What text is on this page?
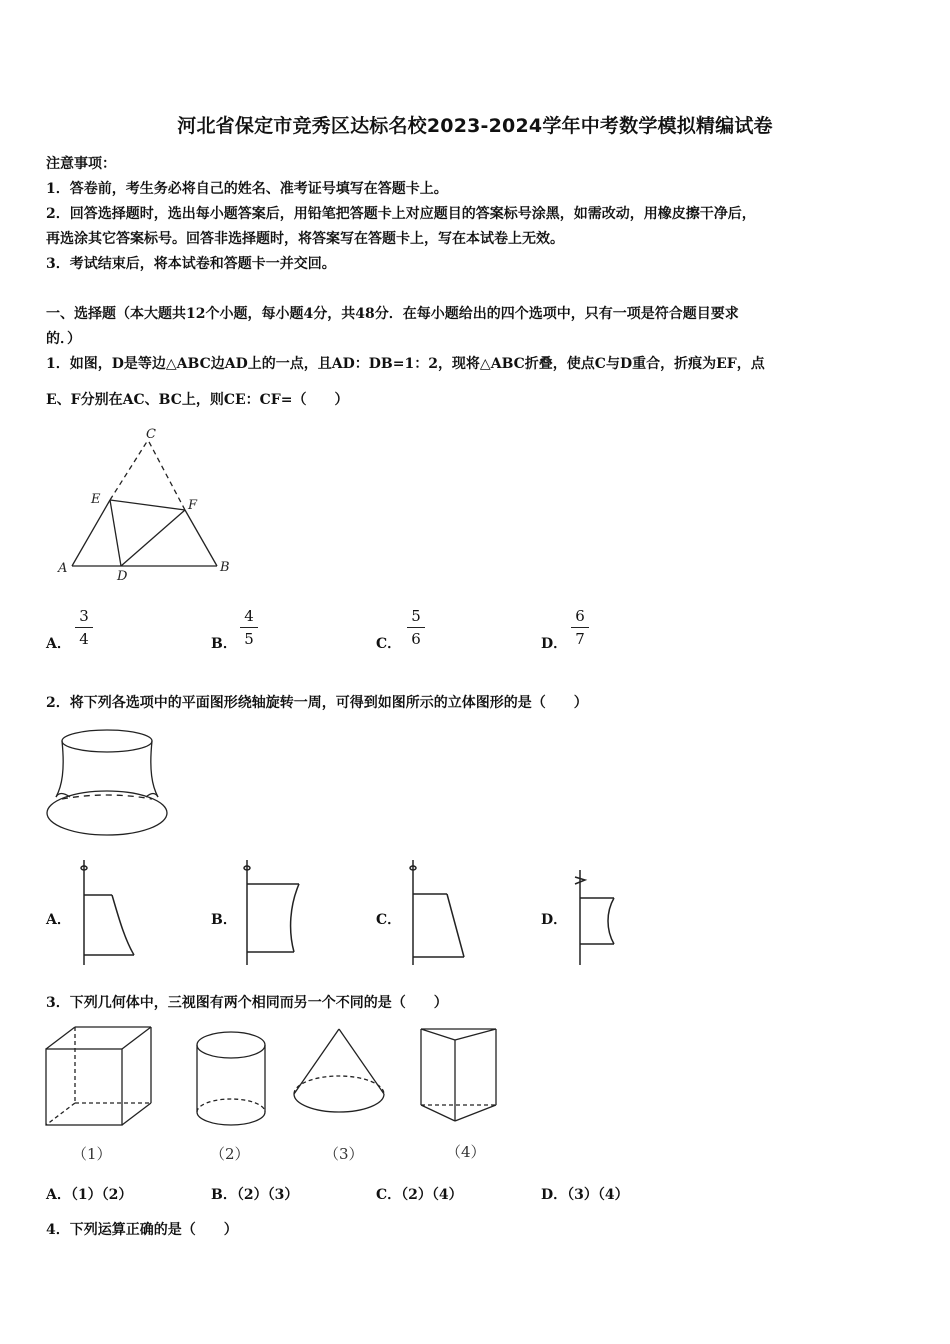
河北省保定市竞秀区达标名校2023-2024学年中考数学模拟精编试卷
注意事项：
1．答卷前，考生务必将自己的姓名、准考证号填写在答题卡上。
2．回答选择题时，选出每小题答案后，用铅笔把答题卡上对应题目的答案标号涂黑，如需改动，用橡皮擦干净后，
再选涂其它答案标号。回答非选择题时，将答案写在答题卡上，写在本试卷上无效。
3．考试结束后，将本试卷和答题卡一并交回。
一、选择题（本大题共12个小题，每小题4分，共48分．在每小题给出的四个选项中，只有一项是符合题目要求
的．）
1．如图，D是等边△ABC边AD上的一点，且AD：DB=1：2，现将△ABC折叠，使点C与D重合，折痕为EF，点
E、F分别在AC、BC上，则CE：CF=（　　）
C
E	F
A
D
B
A．
3
4	B．
4
5	C．
5
6	D．
6
7
2．将下列各选项中的平面图形绕轴旋转一周，可得到如图所示的立体图形的是（　　）
A．	B．	C．	D．
3．下列几何体中，三视图有两个相同而另一个不同的是（　　）
（1）	（2）	（3）	（4）
A．（1）（2）	B．（2）（3）	C．（2）（4）	D．（3）（4）
4．下列运算正确的是（　　）
